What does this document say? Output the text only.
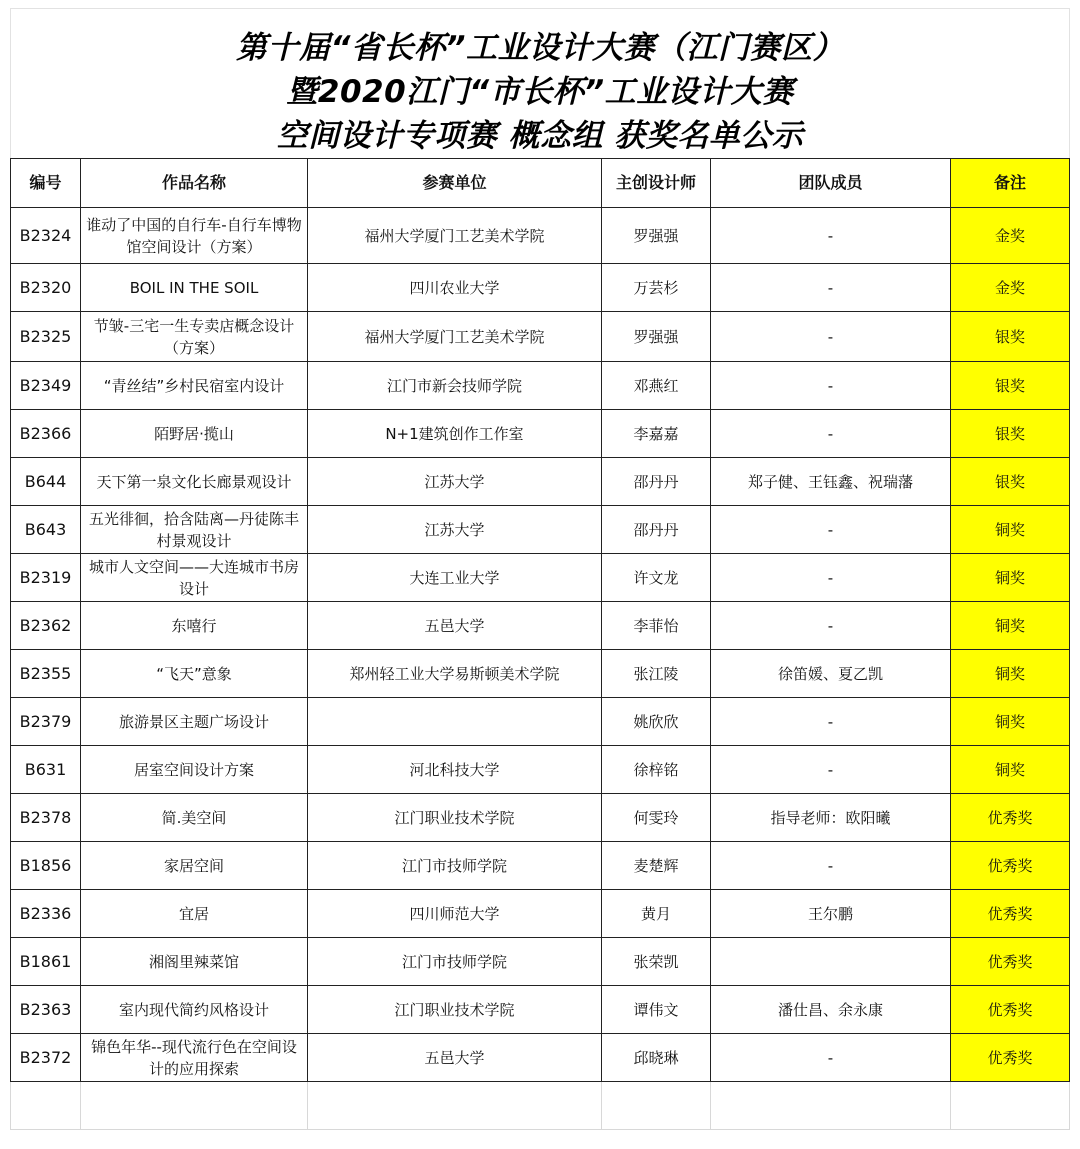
第十届“省长杯”工业设计大赛（江门赛区）
暨2020江门“市长杯”工业设计大赛
空间设计专项赛 概念组 获奖名单公示
编号	作品名称	参赛单位	主创设计师	团队成员	备注
B2324	谁动了中国的自行车-自行车博物馆空间设计（方案）	福州大学厦门工艺美术学院	罗强强	-	金奖
B2320	BOIL IN THE SOIL	四川农业大学	万芸杉	-	金奖
B2325	节皱-三宅一生专卖店概念设计（方案）	福州大学厦门工艺美术学院	罗强强	-	银奖
B2349	“青丝结”乡村民宿室内设计	江门市新会技师学院	邓燕红	-	银奖
B2366	陌野居·揽山	N+1建筑创作工作室	李嘉嘉	-	银奖
B644	天下第一泉文化长廊景观设计	江苏大学	邵丹丹	郑子健、王钰鑫、祝瑞藩	银奖
B643	五光徘徊，拾含陆离—丹徒陈丰村景观设计	江苏大学	邵丹丹	-	铜奖
B2319	城市人文空间——大连城市书房设计	大连工业大学	许文龙	-	铜奖
B2362	东嘻行	五邑大学	李菲怡	-	铜奖
B2355	“飞天”意象	郑州轻工业大学易斯顿美术学院	张江陵	徐笛媛、夏乙凯	铜奖
B2379	旅游景区主题广场设计		姚欣欣	-	铜奖
B631	居室空间设计方案	河北科技大学	徐梓铭	-	铜奖
B2378	简.美空间	江门职业技术学院	何雯玲	指导老师：欧阳曦	优秀奖
B1856	家居空间	江门市技师学院	麦楚辉	-	优秀奖
B2336	宜居	四川师范大学	黄月	王尔鹏	优秀奖
B1861	湘阁里辣菜馆	江门市技师学院	张荣凯		优秀奖
B2363	室内现代简约风格设计	江门职业技术学院	谭伟文	潘仕昌、余永康	优秀奖
B2372	锦色年华--现代流行色在空间设计的应用探索	五邑大学	邱晓琳	-	优秀奖
